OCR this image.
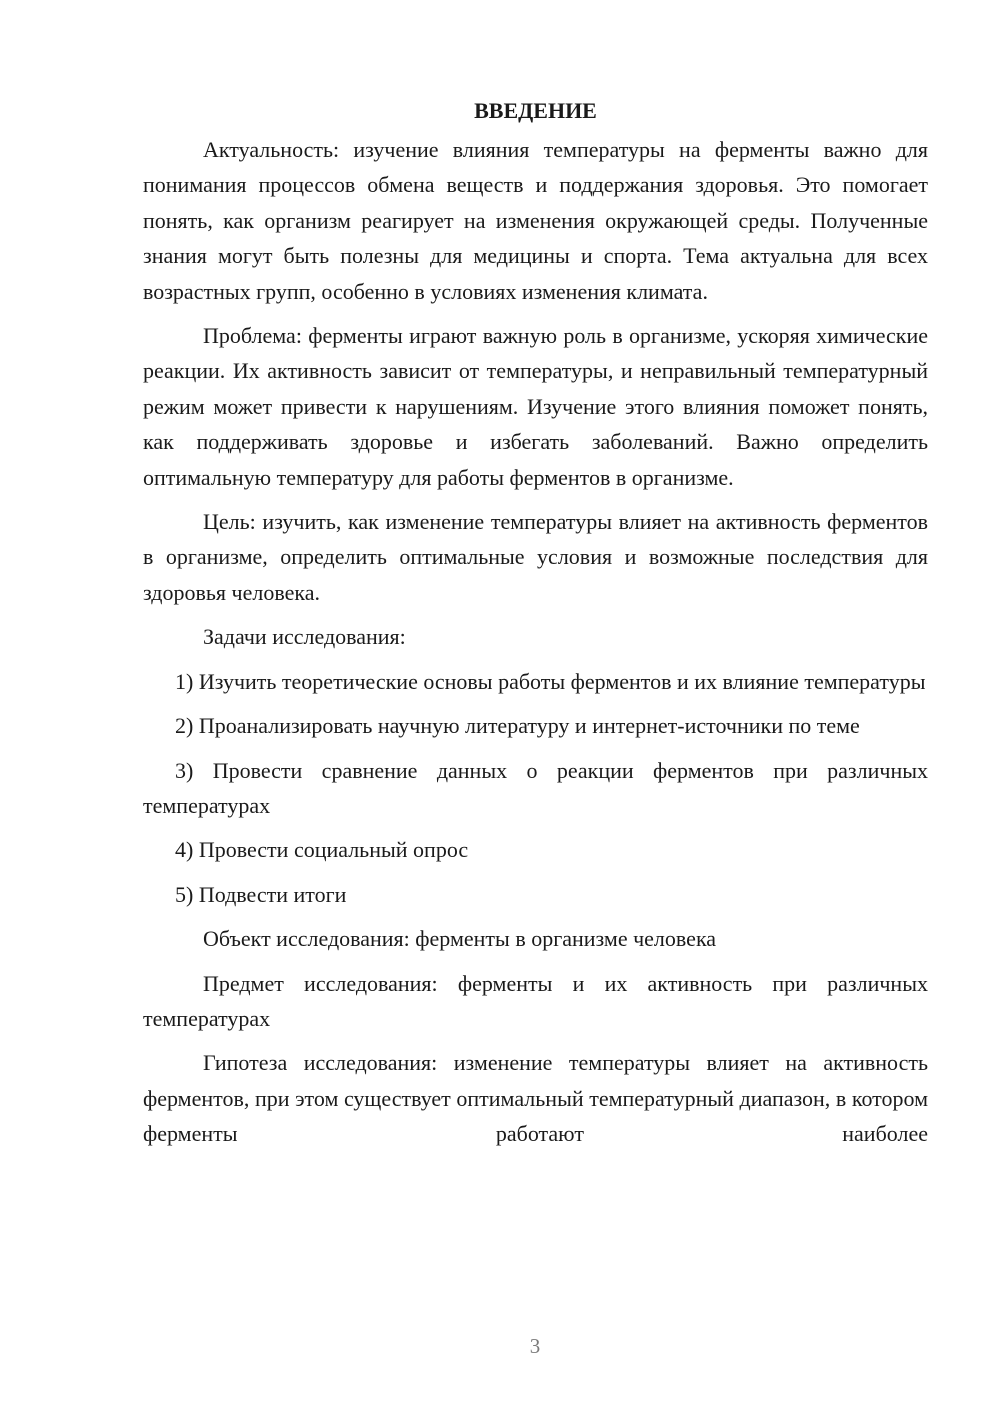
ВВЕДЕНИЕ

Актуальность: изучение влияния температуры на ферменты важно для понимания процессов обмена веществ и поддержания здоровья. Это помогает понять, как организм реагирует на изменения окружающей среды. Полученные знания могут быть полезны для медицины и спорта. Тема актуальна для всех возрастных групп, особенно в условиях изменения климата.

Проблема: ферменты играют важную роль в организме, ускоряя химические реакции. Их активность зависит от температуры, и неправильный температурный режим может привести к нарушениям. Изучение этого влияния поможет понять, как поддерживать здоровье и избегать заболеваний. Важно определить оптимальную температуру для работы ферментов в организме.

Цель: изучить, как изменение температуры влияет на активность ферментов в организме, определить оптимальные условия и возможные последствия для здоровья человека.

Задачи исследования:

1) Изучить теоретические основы работы ферментов и их влияние температуры

2) Проанализировать научную литературу и интернет-источники по теме

3) Провести сравнение данных о реакции ферментов при различных температурах

4) Провести социальный опрос

5) Подвести итоги

Объект исследования: ферменты в организме человека

Предмет исследования: ферменты и их активность при различных температурах

Гипотеза исследования: изменение температуры влияет на активность ферментов, при этом существует оптимальный температурный диапазон, в котором ферменты работают наиболее

3
